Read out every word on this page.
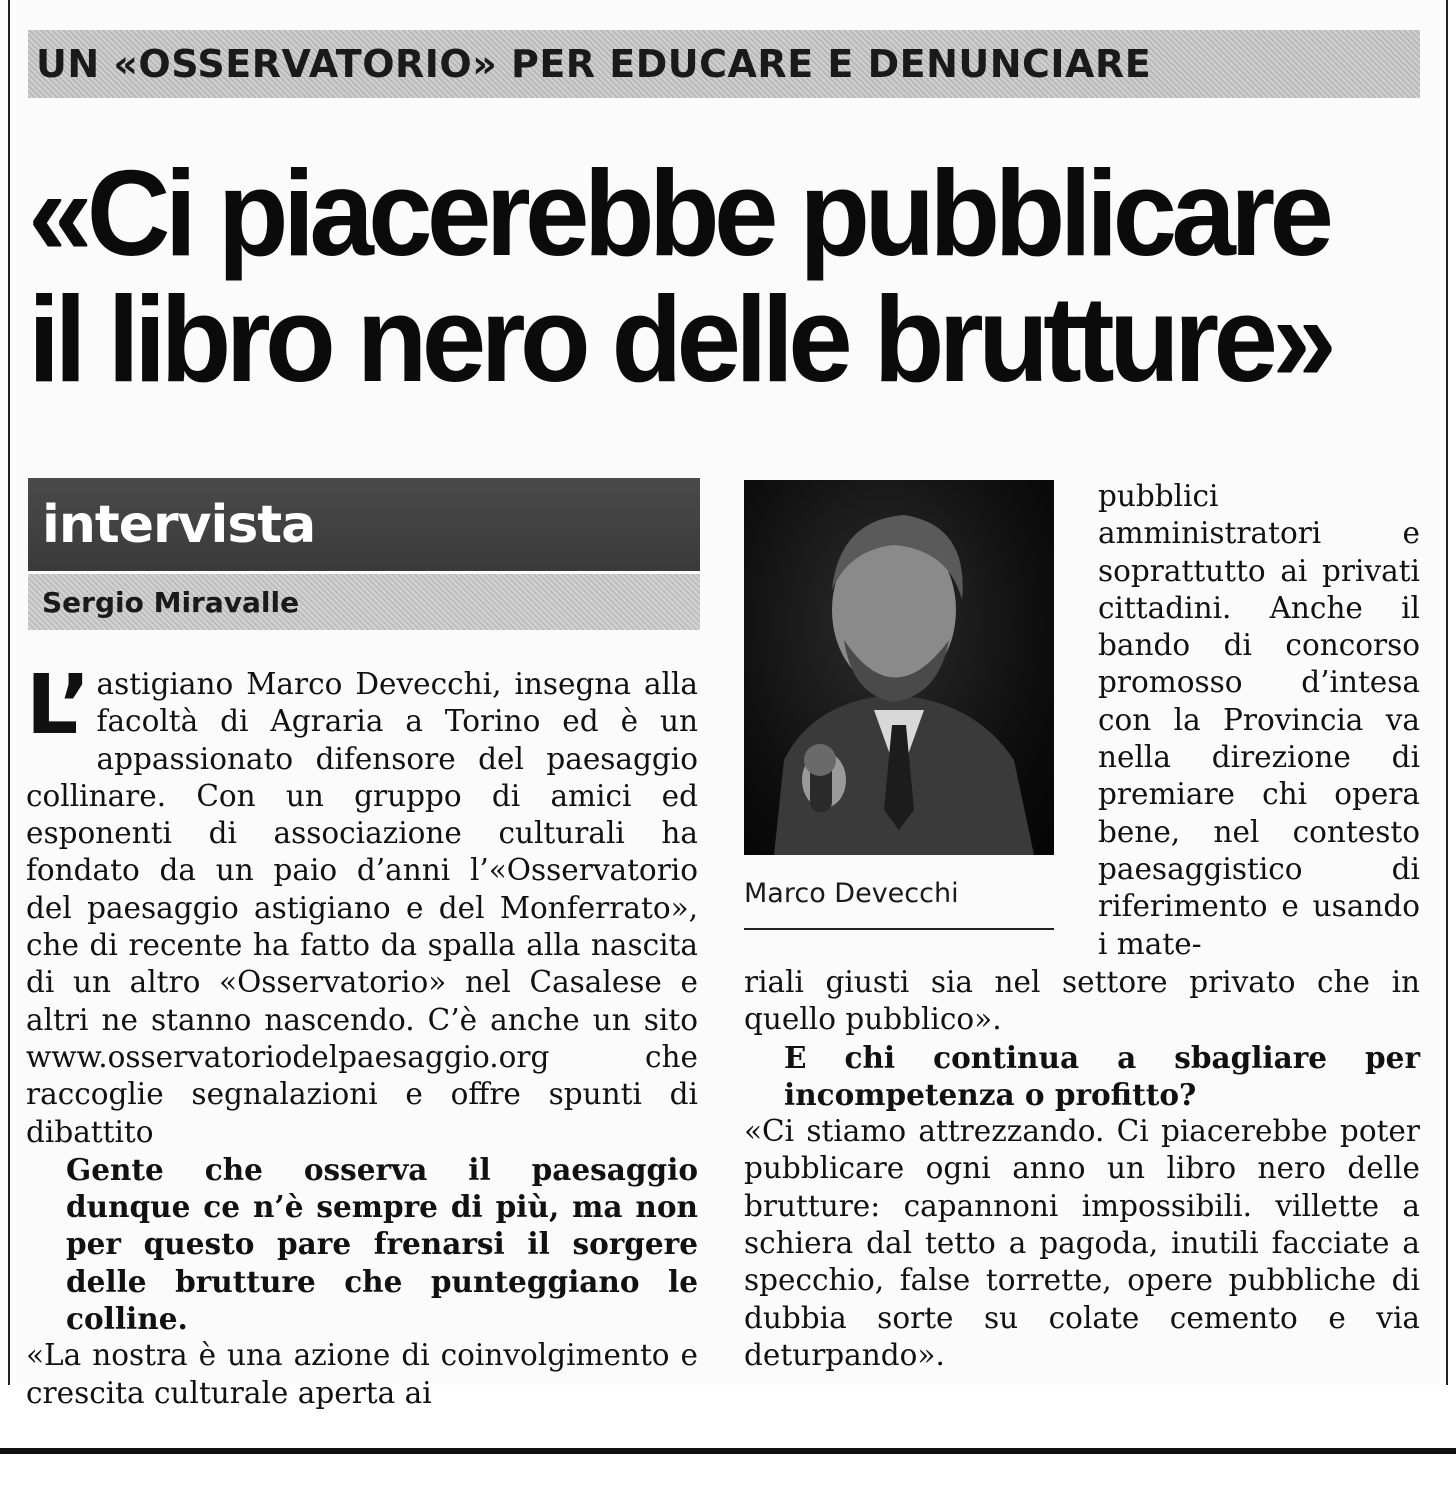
UN «OSSERVATORIO» PER EDUCARE E DENUNCIARE
«Ci piacerebbe pubblicare
il libro nero delle brutture»
intervista
Sergio Miravalle

L’ astigiano Marco Devecchi, insegna alla facoltà di Agraria a Torino ed è un appassionato difensore del paesaggio collinare. Con un gruppo di amici ed esponenti di associazione culturali ha fondato da un paio d’anni l’«Osservatorio del paesaggio astigiano e del Monferrato», che di recente ha fatto da spalla alla nascita di un altro «Osservatorio» nel Casalese e altri ne stanno nascendo. C’è anche un sito www.osservatoriodelpaesaggio.org che raccoglie segnalazioni e offre spunti di dibattito

Gente che osserva il paesaggio dunque ce n’è sempre di più, ma non per questo pare frenarsi il sorgere delle brutture che punteggiano le colline.

«La nostra è una azione di coinvolgimento e crescita culturale aperta ai

Marco Devecchi

pubblici amministratori e soprattutto ai privati cittadini. Anche il bando di concorso promosso d’intesa con la Provincia va nella direzione di premiare chi opera bene, nel contesto paesaggistico di riferimento e usando i mate-

riali giusti sia nel settore privato che in quello pubblico».

E chi continua a sbagliare per incompetenza o profitto?

«Ci stiamo attrezzando. Ci piacerebbe poter pubblicare ogni anno un libro nero delle brutture: capannoni impossibili. villette a schiera dal tetto a pagoda, inutili facciate a specchio, false torrette, opere pubbliche di dubbia sorte su colate cemento e via deturpando».
